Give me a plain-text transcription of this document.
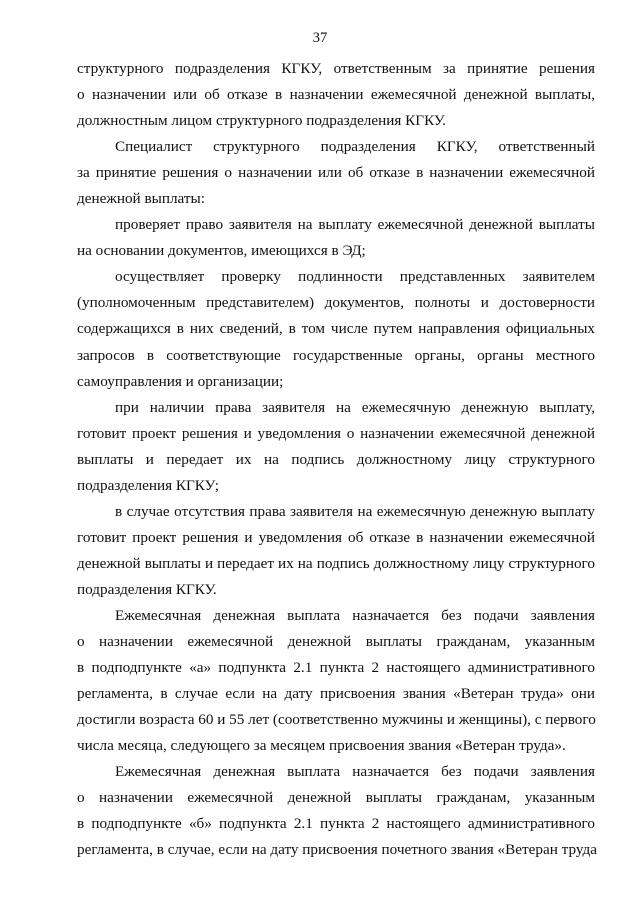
37
структурного подразделения КГКУ, ответственным за принятие решения
о назначении или об отказе в назначении ежемесячной денежной выплаты,
должностным лицом структурного подразделения КГКУ.
Специалист структурного подразделения КГКУ, ответственный
за принятие решения о назначении или об отказе в назначении ежемесячной
денежной выплаты:
проверяет право заявителя на выплату ежемесячной денежной выплаты
на основании документов, имеющихся в ЭД;
осуществляет проверку подлинности представленных заявителем
(уполномоченным представителем) документов, полноты и достоверности
содержащихся в них сведений, в том числе путем направления официальных
запросов в соответствующие государственные органы, органы местного
самоуправления и организации;
при наличии права заявителя на ежемесячную денежную выплату,
готовит проект решения и уведомления о назначении ежемесячной денежной
выплаты и передает их на подпись должностному лицу структурного
подразделения КГКУ;
в случае отсутствия права заявителя на ежемесячную денежную выплату
готовит проект решения и уведомления об отказе в назначении ежемесячной
денежной выплаты и передает их на подпись должностному лицу структурного
подразделения КГКУ.
Ежемесячная денежная выплата назначается без подачи заявления
о назначении ежемесячной денежной выплаты гражданам, указанным
в подподпункте «а» подпункта 2.1 пункта 2 настоящего административного
регламента, в случае если на дату присвоения звания «Ветеран труда» они
достигли возраста 60 и 55 лет (соответственно мужчины и женщины), с первого
числа месяца, следующего за месяцем присвоения звания «Ветеран труда».
Ежемесячная денежная выплата назначается без подачи заявления
о назначении ежемесячной денежной выплаты гражданам, указанным
в подподпункте «б» подпункта 2.1 пункта 2 настоящего административного
регламента, в случае, если на дату присвоения почетного звания «Ветеран труда
